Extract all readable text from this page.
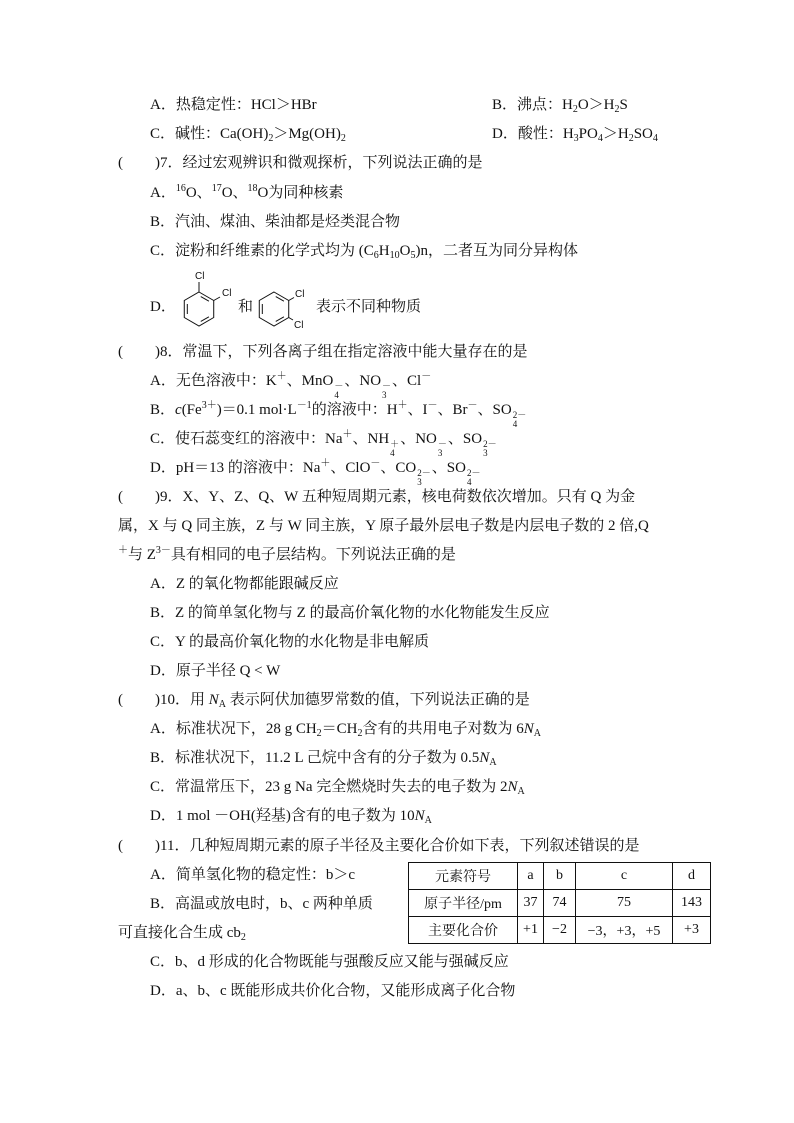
A．热稳定性：HCl＞HBr	B．沸点：$H_2O>H_2S$
C．碱性：$Ca(OH)_2>Mg(OH)_2$	D．酸性：$H_3PO_4>H_2SO_4$
( )7．经过宏观辨识和微观探析，下列说法正确的是
A．$^{16}$O、$^{17}$O、$^{18}$O为同种核素
B．汽油、煤油、柴油都是烃类混合物
C．淀粉和纤维素的化学式均为 $(C_6H_{10}O_5)n$，二者互为同分异构体
D．
Cl
Cl
和
Cl
Cl
表示不同种物质
( )8．常温下，下列各离子组在指定溶液中能大量存在的是
A．无色溶液中：K＋、MnO －
4
、NO －
3
、Cl－
B．$c(Fe^{3+})=0.1$ $mol\cdot L^{-1}$的溶液中：H＋、I－、Br－、SO 2－
4
C．使石蕊变红的溶液中：Na＋、NH ＋
4
、NO －
3
、SO 2－
3
D．pH＝13 的溶液中：Na＋、ClO－、CO 2－
3
、SO 2－
4
( )9．X、Y、Z、Q、W 五种短周期元素，核电荷数依次增加。只有 Q 为金
属，X 与 Q 同主族，Z 与 W 同主族，Y 原子最外层电子数是内层电子数的 2 倍,Q
＋与 $Z^{3-}$具有相同的电子层结构。下列说法正确的是
A．Z 的氧化物都能跟碱反应
B．Z 的简单氢化物与 Z 的最高价氧化物的水化物能发生反应
C．Y 的最高价氧化物的水化物是非电解质
D．原子半径 Q < W
( )10．用 $N_A$ 表示阿伏加德罗常数的值，下列说法正确的是
A．标准状况下，28 g $CH_2=CH_2$含有的共用电子对数为 $6N_A$
B．标准状况下，11.2 L 己烷中含有的分子数为 $0.5N_A$
C．常温常压下，23 g Na 完全燃烧时失去的电子数为 $2N_A$
D．1 mol －OH(羟基)含有的电子数为 $10N_A$
( )11．几种短周期元素的原子半径及主要化合价如下表，下列叙述错误的是
A．简单氢化物的稳定性：b＞c
B．高温或放电时，b、c 两种单质
可直接化合生成 $cb_2$
C．b、d 形成的化合物既能与强酸反应又能与强碱反应
D．a、b、c 既能形成共价化合物，又能形成离子化合物
元素符号	a	b	c	d
原子半径/pm	37	74	75	143
主要化合价	+1	−2	−3，+3，+5	+3
